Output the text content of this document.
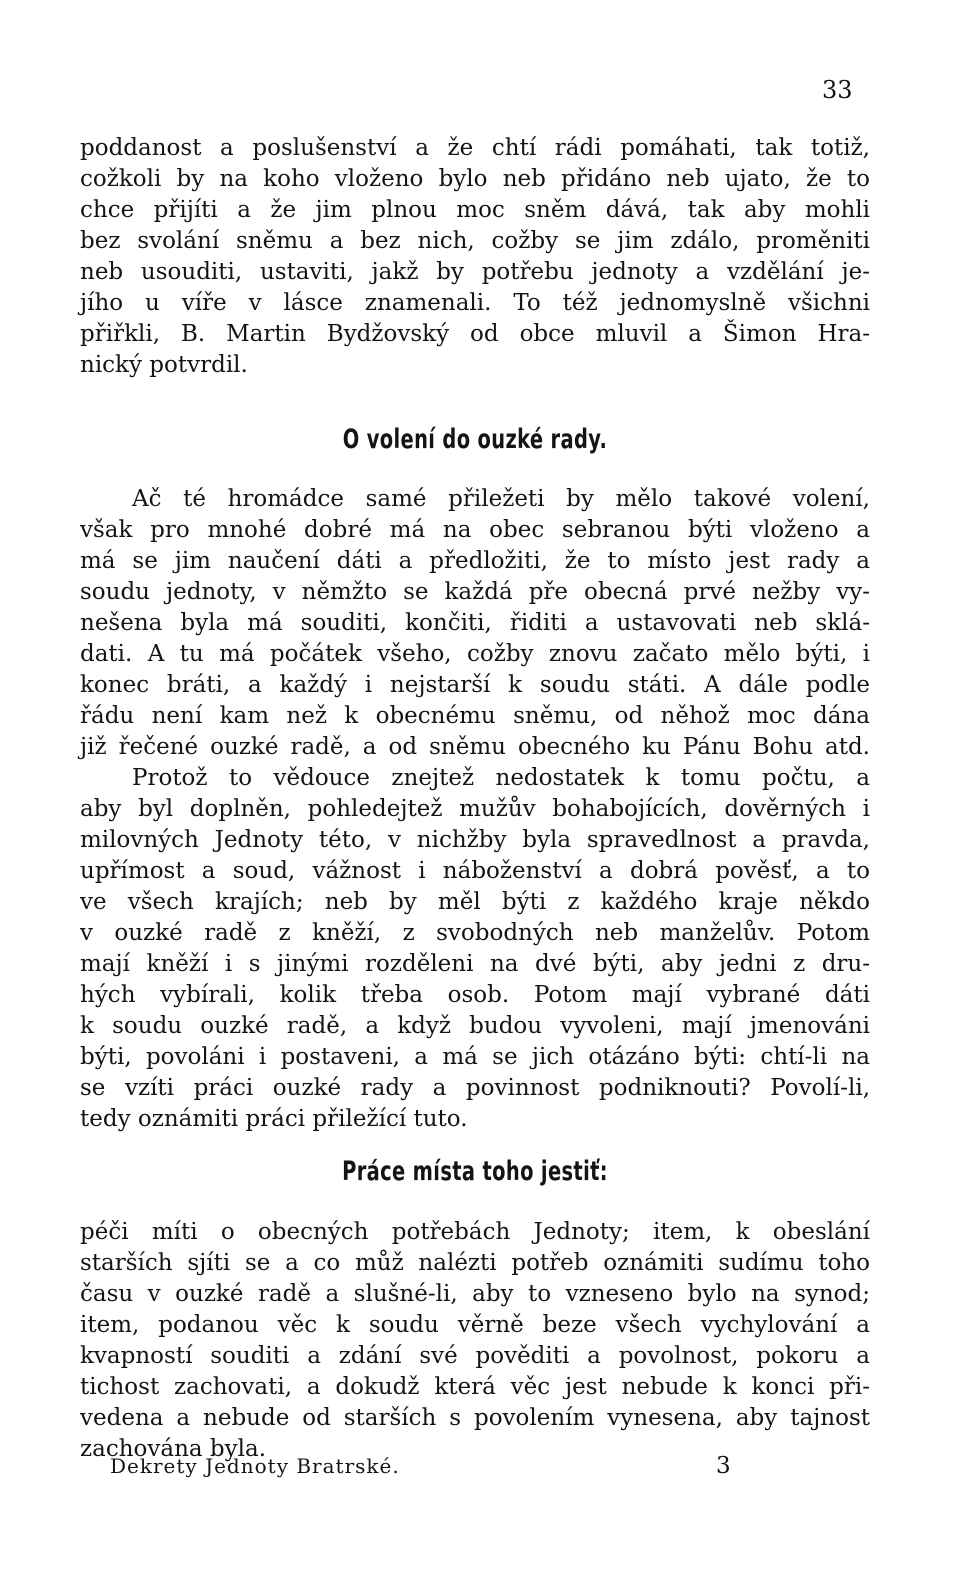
33
poddanost a poslušenství a že chtí rádi pomáhati, tak totiž,
cožkoli by na koho vloženo bylo neb přidáno neb ujato, že to
chce přijíti a že jim plnou moc sněm dává, tak aby mohli
bez svolání sněmu a bez nich, cožby se jim zdálo, proměniti
neb usouditi, ustaviti, jakž by potřebu jednoty a vzdělání je-
jího u víře v lásce znamenali. To též jednomyslně všichni
přiřkli, B. Martin Bydžovský od obce mluvil a Šimon Hra-
nický potvrdil.
O volení do ouzké rady.
Ač té hromádce samé přiležeti by mělo takové volení,
však pro mnohé dobré má na obec sebranou býti vloženo a
má se jim naučení dáti a předložiti, že to místo jest rady a
soudu jednoty, v němžto se každá pře obecná prvé nežby vy-
nešena byla má souditi, končiti, řiditi a ustavovati neb sklá-
dati. A tu má počátek všeho, cožby znovu začato mělo býti, i
konec bráti, a každý i nejstarší k soudu státi. A dále podle
řádu není kam než k obecnému sněmu, od něhož moc dána
již řečené ouzké radě, a od sněmu obecného ku Pánu Bohu atd.
Protož to vědouce znejtež nedostatek k tomu počtu, a
aby byl doplněn, pohledejtež mužův bohabojících, dověrných i
milovných Jednoty této, v nichžby byla spravedlnost a pravda,
upřímost a soud, vážnost i náboženství a dobrá pověsť, a to
ve všech krajích; neb by měl býti z každého kraje někdo
v ouzké radě z kněží, z svobodných neb manželův. Potom
mají kněží i s jinými rozděleni na dvé býti, aby jedni z dru-
hých vybírali, kolik třeba osob. Potom mají vybrané dáti
k soudu ouzké radě, a když budou vyvoleni, mají jmenováni
býti, povoláni i postaveni, a má se jich otázáno býti: chtí-li na
se vzíti práci ouzké rady a povinnost podniknouti? Povolí-li,
tedy oznámiti práci přiležící tuto.
Práce místa toho jestiť:
péči míti o obecných potřebách Jednoty; item, k obeslání
starších sjíti se a co můž nalézti potřeb oznámiti sudímu toho
času v ouzké radě a slušné-li, aby to vzneseno bylo na synod;
item, podanou věc k soudu věrně beze všech vychylování a
kvapností souditi a zdání své pověditi a povolnost, pokoru a
tichost zachovati, a dokudž která věc jest nebude k konci při-
vedena a nebude od starších s povolením vynesena, aby tajnost
zachována byla.
Dekrety Jednoty Bratrské.	3
